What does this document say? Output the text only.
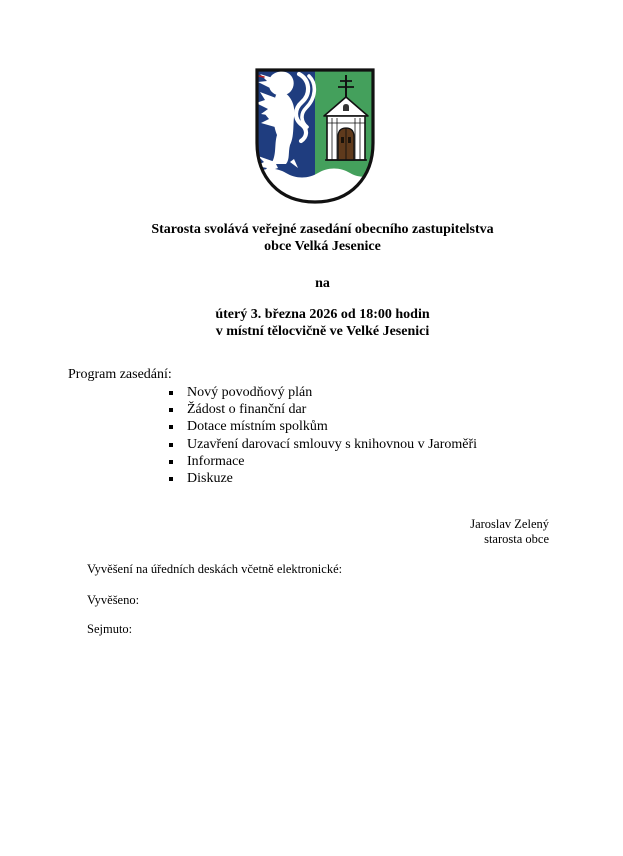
Starosta svolává veřejné zasedání obecního zastupitelstva
obce Velká Jesenice
na
úterý 3. března 2026 od 18:00 hodin
v místní tělocvičně ve Velké Jesenici
Program zasedání:
Nový povodňový plán
Žádost o finanční dar
Dotace místním spolkům
Uzavření darovací smlouvy s knihovnou v Jaroměři
Informace
Diskuze
Jaroslav Zelený
starosta obce
Vyvěšení na úředních deskách včetně elektronické:
Vyvěšeno:
Sejmuto:
